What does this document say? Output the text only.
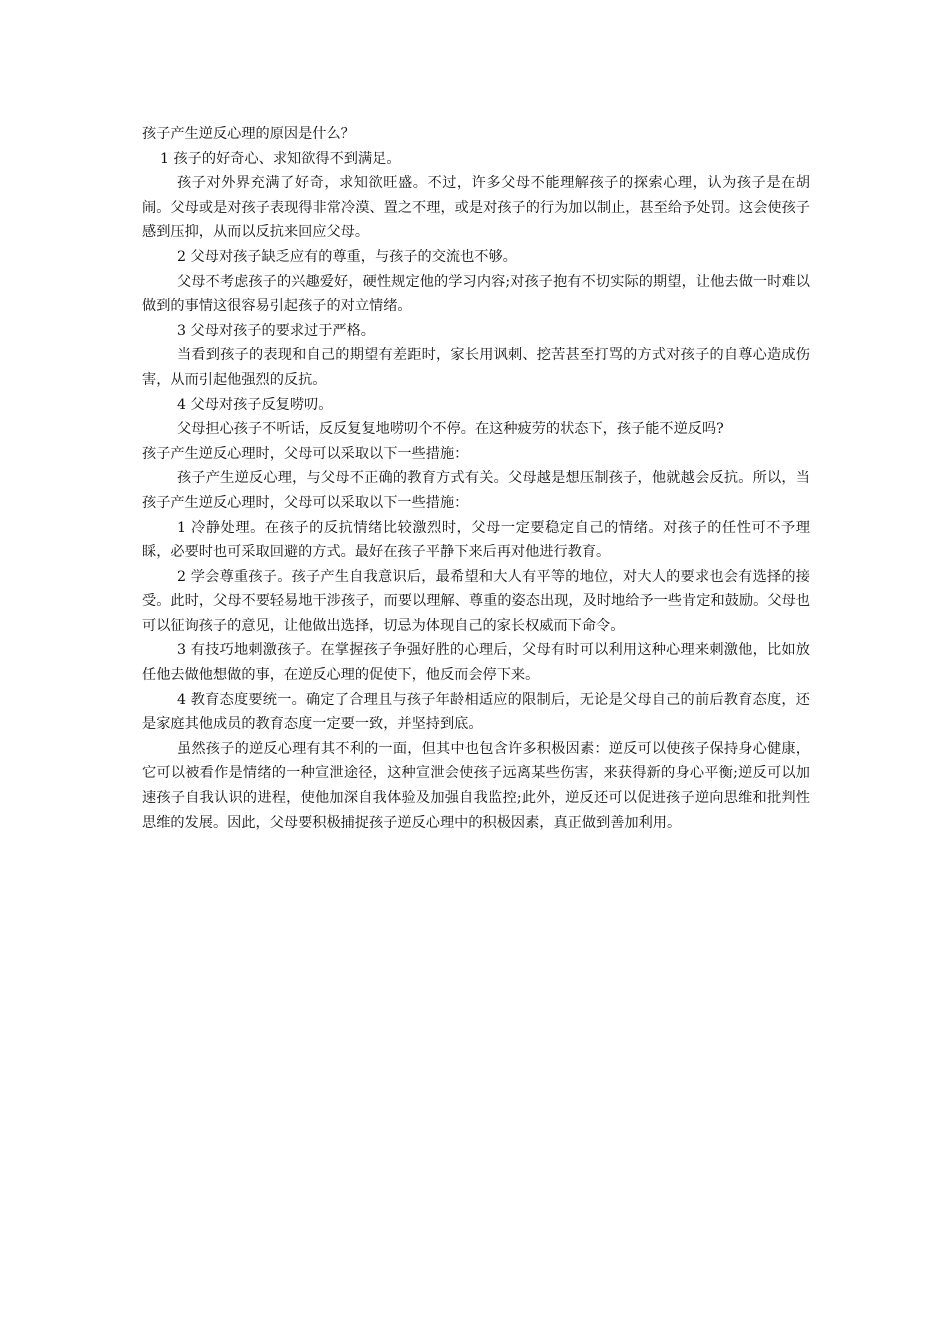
孩子产生逆反心理的原因是什么？

1 孩子的好奇心、求知欲得不到满足。

孩子对外界充满了好奇，求知欲旺盛。不过，许多父母不能理解孩子的探索心理，认为孩子是在胡闹。父母或是对孩子表现得非常冷漠、置之不理，或是对孩子的行为加以制止，甚至给予处罚。这会使孩子感到压抑，从而以反抗来回应父母。

2 父母对孩子缺乏应有的尊重，与孩子的交流也不够。

父母不考虑孩子的兴趣爱好，硬性规定他的学习内容;对孩子抱有不切实际的期望，让他去做一时难以做到的事情这很容易引起孩子的对立情绪。

3 父母对孩子的要求过于严格。

当看到孩子的表现和自己的期望有差距时，家长用讽刺、挖苦甚至打骂的方式对孩子的自尊心造成伤害，从而引起他强烈的反抗。

4 父母对孩子反复唠叨。

父母担心孩子不听话，反反复复地唠叨个不停。在这种疲劳的状态下，孩子能不逆反吗?

孩子产生逆反心理时，父母可以采取以下一些措施：

孩子产生逆反心理，与父母不正确的教育方式有关。父母越是想压制孩子，他就越会反抗。所以，当孩子产生逆反心理时，父母可以采取以下一些措施：

1 冷静处理。在孩子的反抗情绪比较激烈时，父母一定要稳定自己的情绪。对孩子的任性可不予理睬，必要时也可采取回避的方式。最好在孩子平静下来后再对他进行教育。

2 学会尊重孩子。孩子产生自我意识后，最希望和大人有平等的地位，对大人的要求也会有选择的接受。此时，父母不要轻易地干涉孩子，而要以理解、尊重的姿态出现，及时地给予一些肯定和鼓励。父母也可以征询孩子的意见，让他做出选择，切忌为体现自己的家长权威而下命令。

3 有技巧地刺激孩子。在掌握孩子争强好胜的心理后，父母有时可以利用这种心理来刺激他，比如放任他去做他想做的事，在逆反心理的促使下，他反而会停下来。

4 教育态度要统一。确定了合理且与孩子年龄相适应的限制后，无论是父母自己的前后教育态度，还是家庭其他成员的教育态度一定要一致，并坚持到底。

虽然孩子的逆反心理有其不利的一面，但其中也包含许多积极因素：逆反可以使孩子保持身心健康，它可以被看作是情绪的一种宣泄途径，这种宣泄会使孩子远离某些伤害，来获得新的身心平衡;逆反可以加速孩子自我认识的进程，使他加深自我体验及加强自我监控;此外，逆反还可以促进孩子逆向思维和批判性思维的发展。因此，父母要积极捕捉孩子逆反心理中的积极因素，真正做到善加利用。
